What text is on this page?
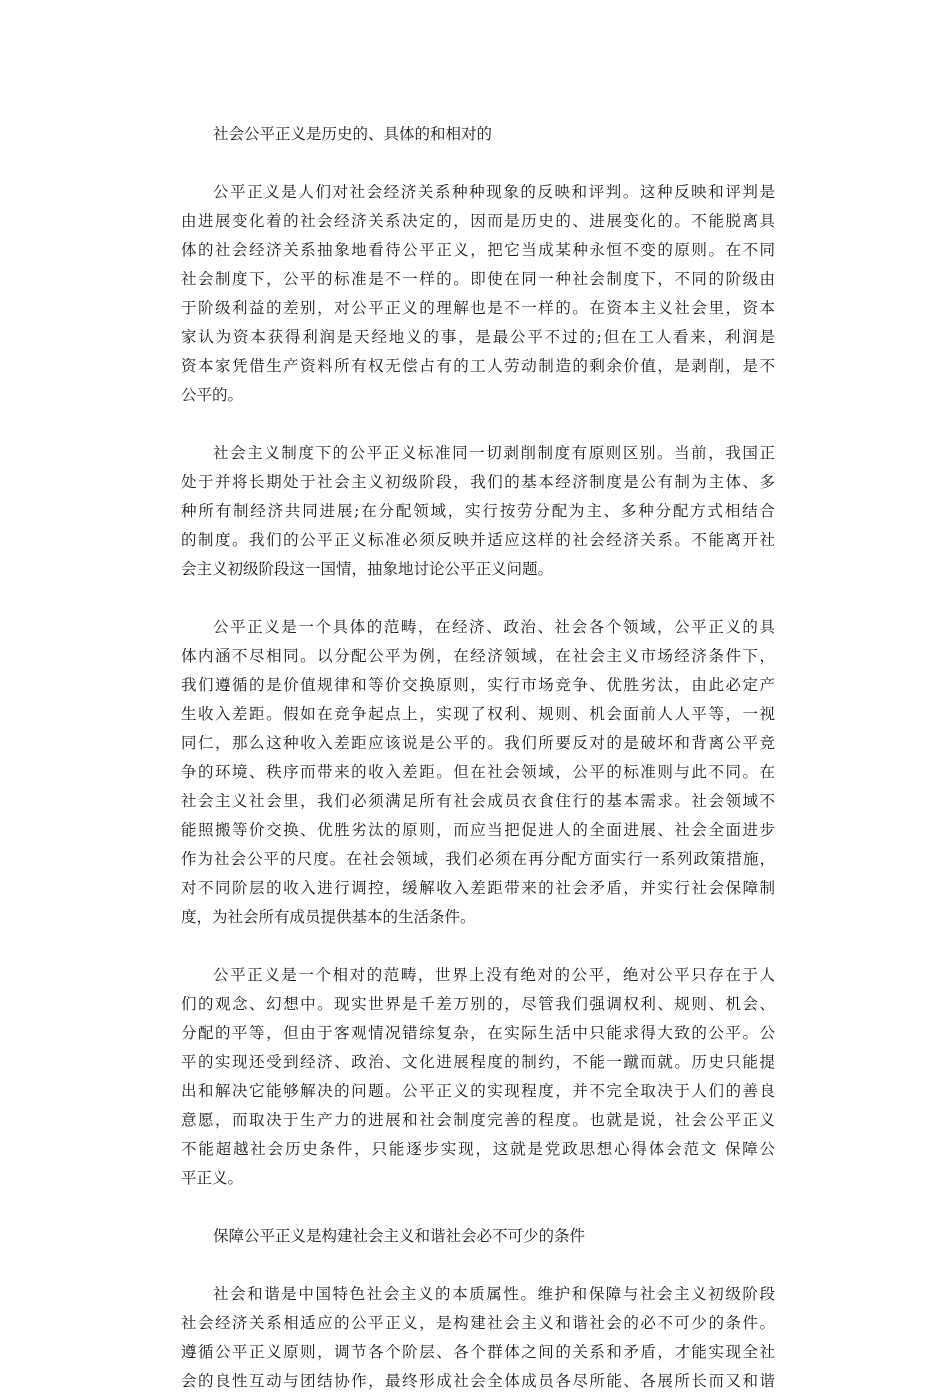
社会公平正义是历史的、具体的和相对的

公平正义是人们对社会经济关系种种现象的反映和评判。这种反映和评判是
由进展变化着的社会经济关系决定的，因而是历史的、进展变化的。不能脱离具
体的社会经济关系抽象地看待公平正义，把它当成某种永恒不变的原则。在不同
社会制度下，公平的标准是不一样的。即使在同一种社会制度下，不同的阶级由
于阶级利益的差别，对公平正义的理解也是不一样的。在资本主义社会里，资本
家认为资本获得利润是天经地义的事，是最公平不过的;但在工人看来，利润是
资本家凭借生产资料所有权无偿占有的工人劳动制造的剩余价值，是剥削，是不
公平的。
社会主义制度下的公平正义标准同一切剥削制度有原则区别。当前，我国正
处于并将长期处于社会主义初级阶段，我们的基本经济制度是公有制为主体、多
种所有制经济共同进展;在分配领域，实行按劳分配为主、多种分配方式相结合
的制度。我们的公平正义标准必须反映并适应这样的社会经济关系。不能离开社
会主义初级阶段这一国情，抽象地讨论公平正义问题。
公平正义是一个具体的范畴，在经济、政治、社会各个领域，公平正义的具
体内涵不尽相同。以分配公平为例，在经济领域，在社会主义市场经济条件下，
我们遵循的是价值规律和等价交换原则，实行市场竞争、优胜劣汰，由此必定产
生收入差距。假如在竞争起点上，实现了权利、规则、机会面前人人平等，一视
同仁，那么这种收入差距应该说是公平的。我们所要反对的是破坏和背离公平竞
争的环境、秩序而带来的收入差距。但在社会领域，公平的标准则与此不同。在
社会主义社会里，我们必须满足所有社会成员衣食住行的基本需求。社会领域不
能照搬等价交换、优胜劣汰的原则，而应当把促进人的全面进展、社会全面进步
作为社会公平的尺度。在社会领域，我们必须在再分配方面实行一系列政策措施，
对不同阶层的收入进行调控，缓解收入差距带来的社会矛盾，并实行社会保障制
度，为社会所有成员提供基本的生活条件。
公平正义是一个相对的范畴，世界上没有绝对的公平，绝对公平只存在于人
们的观念、幻想中。现实世界是千差万别的，尽管我们强调权利、规则、机会、
分配的平等，但由于客观情况错综复杂，在实际生活中只能求得大致的公平。公
平的实现还受到经济、政治、文化进展程度的制约，不能一蹴而就。历史只能提
出和解决它能够解决的问题。公平正义的实现程度，并不完全取决于人们的善良
意愿，而取决于生产力的进展和社会制度完善的程度。也就是说，社会公平正义
不能超越社会历史条件，只能逐步实现，这就是党政思想心得体会范文 保障公
平正义。

保障公平正义是构建社会主义和谐社会必不可少的条件

社会和谐是中国特色社会主义的本质属性。维护和保障与社会主义初级阶段
社会经济关系相适应的公平正义，是构建社会主义和谐社会的必不可少的条件。
遵循公平正义原则，调节各个阶层、各个群体之间的关系和矛盾，才能实现全社
会的良性互动与团结协作，最终形成社会全体成员各尽所能、各展所长而又和谐
